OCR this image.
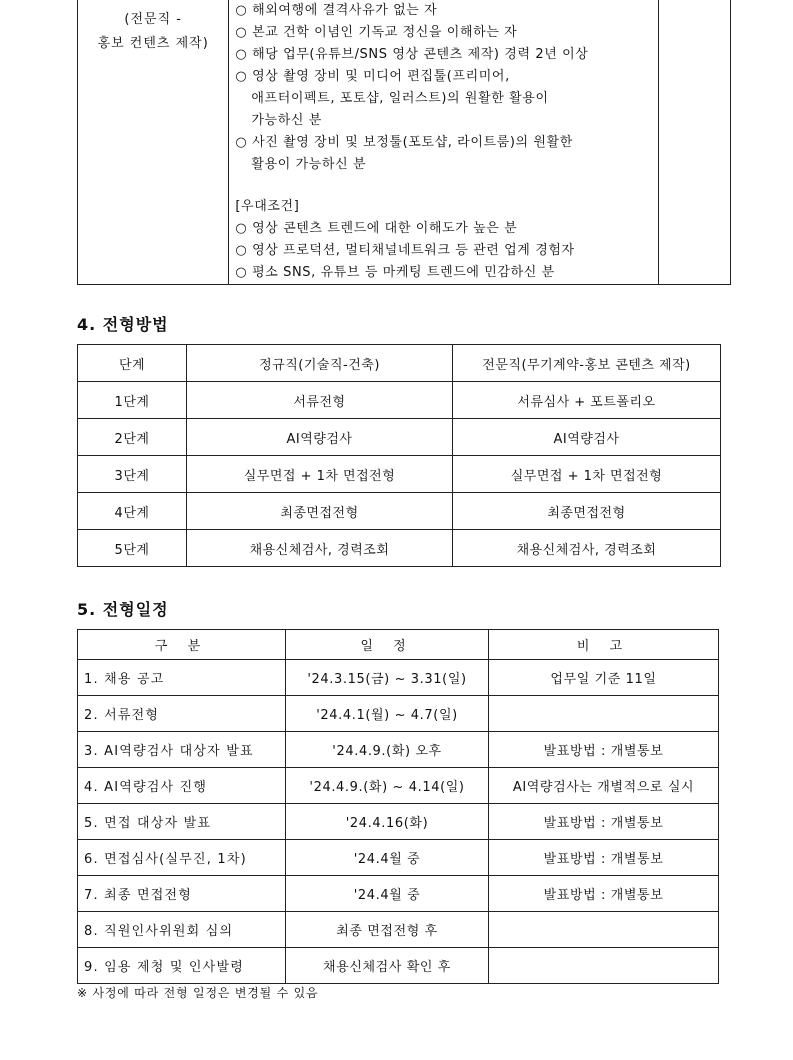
(전문직 -
홍보 컨텐츠 제작)

○ 해외여행에 결격사유가 없는 자
○ 본교 건학 이념인 기독교 정신을 이해하는 자
○ 해당 업무(유튜브/SNS 영상 콘텐츠 제작) 경력 2년 이상
○ 영상 촬영 장비 및 미디어 편집툴(프리미어,
애프터이펙트, 포토샵, 일러스트)의 원활한 활용이
가능하신 분
○ 사진 촬영 장비 및 보정툴(포토샵, 라이트룸)의 원활한
활용이 가능하신 분
[우대조건]
○ 영상 콘텐츠 트렌드에 대한 이해도가 높은 분
○ 영상 프로덕션, 멀티채널네트워크 등 관련 업계 경험자
○ 평소 SNS, 유튜브 등 마케팅 트렌드에 민감하신 분

4. 전형방법
단계	정규직(기술직-건축)	전문직(무기계약-홍보 콘텐츠 제작)
1단계	서류전형	서류심사 + 포트폴리오
2단계	AI역량검사	AI역량검사
3단계	실무면접 + 1차 면접전형	실무면접 + 1차 면접전형
4단계	최종면접전형	최종면접전형
5단계	채용신체검사, 경력조회	채용신체검사, 경력조회
5. 전형일정
구 분	일 정	비 고
1. 채용 공고	'24.3.15(금) ~ 3.31(일)	업무일 기준 11일
2. 서류전형	'24.4.1(월) ~ 4.7(일)	
3. AI역량검사 대상자 발표	'24.4.9.(화) 오후	발표방법 : 개별통보
4. AI역량검사 진행	'24.4.9.(화) ~ 4.14(일)	AI역량검사는 개별적으로 실시
5. 면접 대상자 발표	'24.4.16(화)	발표방법 : 개별통보
6. 면접심사(실무진, 1차)	'24.4월 중	발표방법 : 개별통보
7. 최종 면접전형	'24.4월 중	발표방법 : 개별통보
8. 직원인사위원회 심의	최종 면접전형 후	
9. 임용 제청 및 인사발령	채용신체검사 확인 후	
※ 사정에 따라 전형 일정은 변경될 수 있음
